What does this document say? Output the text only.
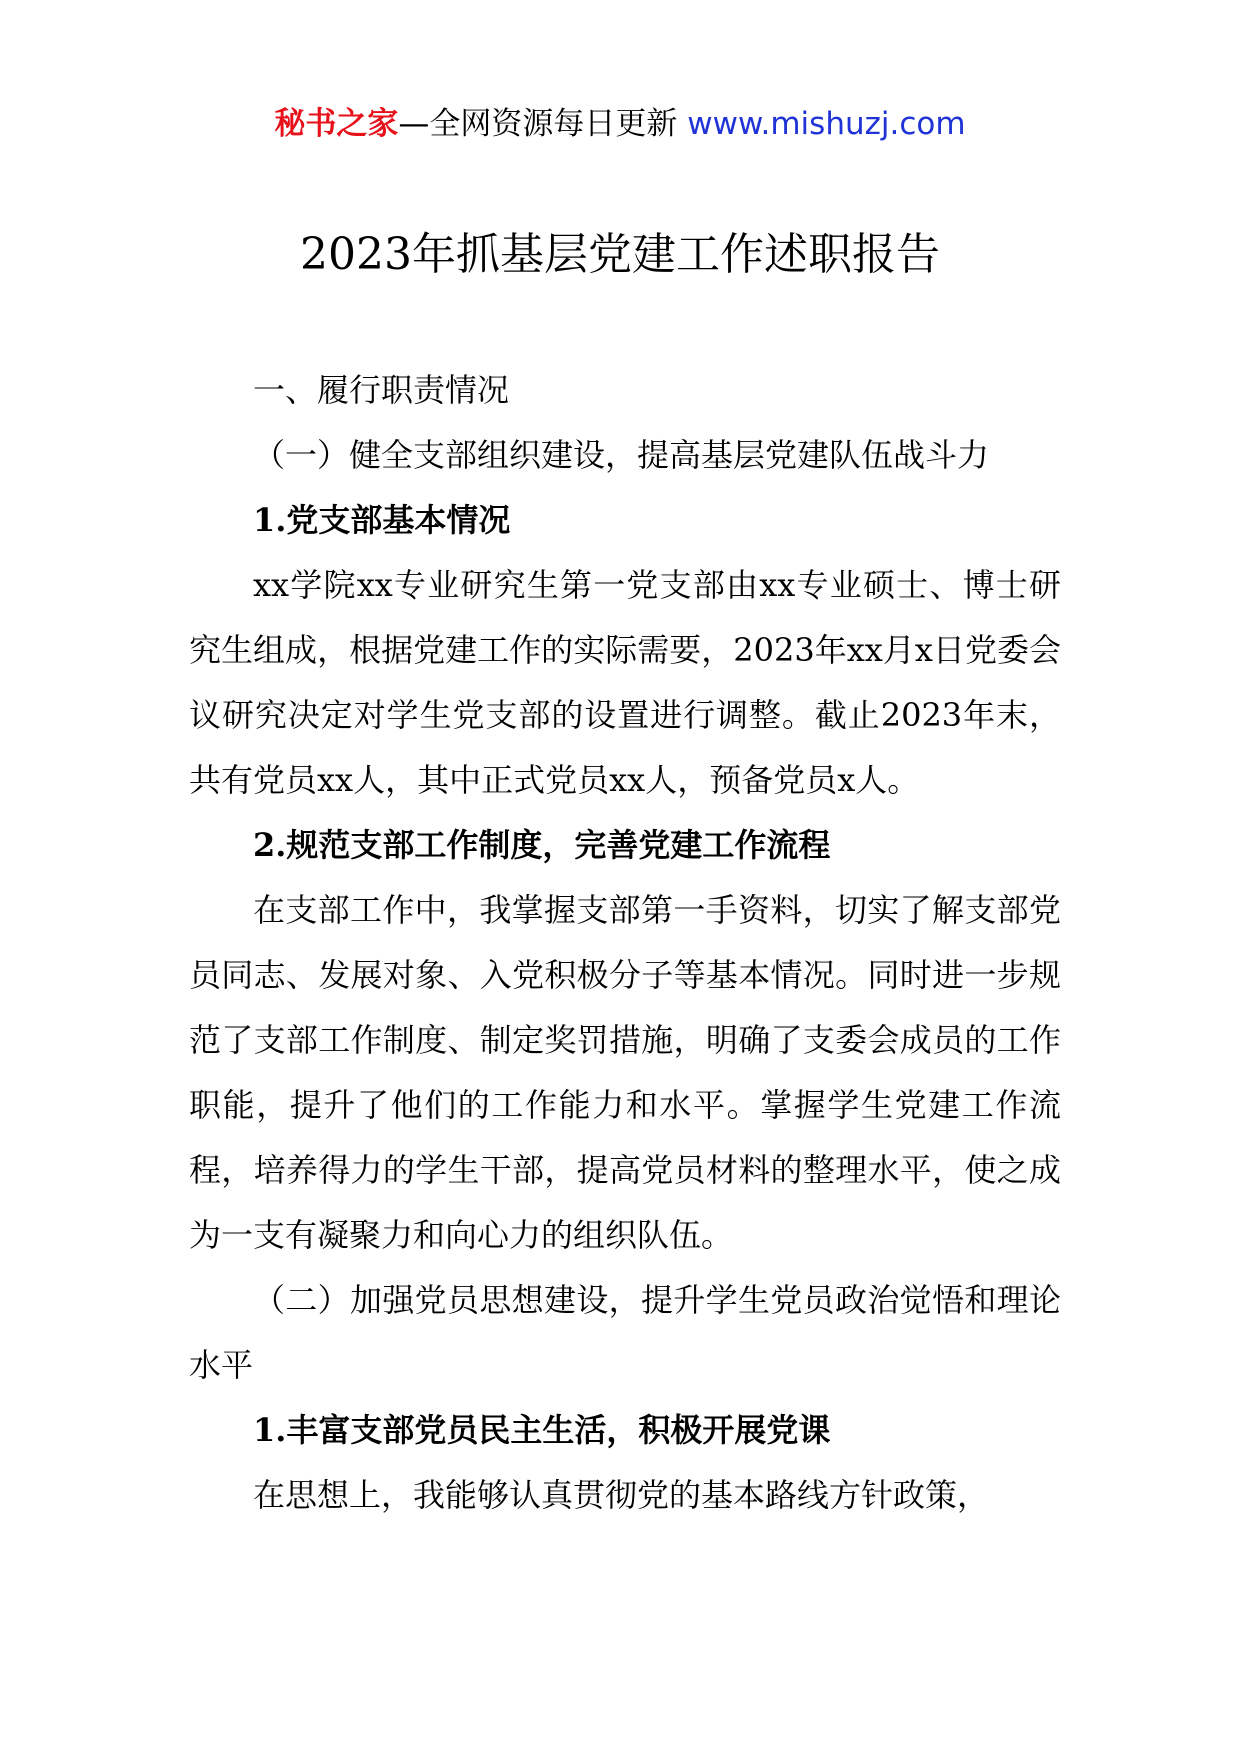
秘书之家—全网资源每日更新 www.mishuzj.com
2023年抓基层党建工作述职报告

一、履行职责情况

（一）健全支部组织建设，提高基层党建队伍战斗力

1.党支部基本情况

xx学院xx专业研究生第一党支部由xx专业硕士、博士研究生组成，根据党建工作的实际需要，2023年xx月x日党委会议研究决定对学生党支部的设置进行调整。截止2023年末，共有党员xx人，其中正式党员xx人，预备党员x人。

2.规范支部工作制度，完善党建工作流程

在支部工作中，我掌握支部第一手资料，切实了解支部党员同志、发展对象、入党积极分子等基本情况。同时进一步规范了支部工作制度、制定奖罚措施，明确了支委会成员的工作职能，提升了他们的工作能力和水平。掌握学生党建工作流程，培养得力的学生干部，提高党员材料的整理水平，使之成为一支有凝聚力和向心力的组织队伍。

（二）加强党员思想建设，提升学生党员政治觉悟和理论水平

1.丰富支部党员民主生活，积极开展党课

在思想上，我能够认真贯彻党的基本路线方针政策，
